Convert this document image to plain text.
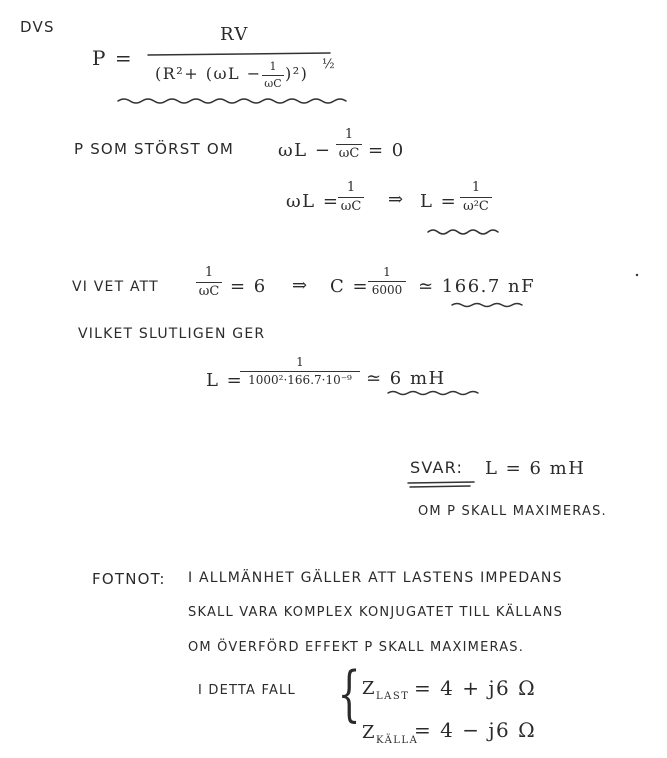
DVS
P =
RV
(R²+ (ωL − 1
ωC
)²) ½
P SOM STÖRST OM ωL −
1
ωC = 0
ωL =
1
ωC ⇒ L =
1
ω²C
VI VET ATT
1
ωC = 6 ⇒ C =
1
6000 ≃ 166.7 nF
VILKET SLUTLIGEN GER
L =
1
1000²·166.7·10⁻⁹ ≃ 6 mH
SVAR: L = 6 mH
OM P SKALL MAXIMERAS.
FOTNOT: I ALLMÄNHET GÄLLER ATT LASTENS IMPEDANS
SKALL VARA KOMPLEX KONJUGATET TILL KÄLLANS
OM ÖVERFÖRD EFFEKT P SKALL MAXIMERAS.
I DETTA FALL { Z LAST = 4 + j6 Ω
Z KÄLLA
= 4 − j6 Ω
